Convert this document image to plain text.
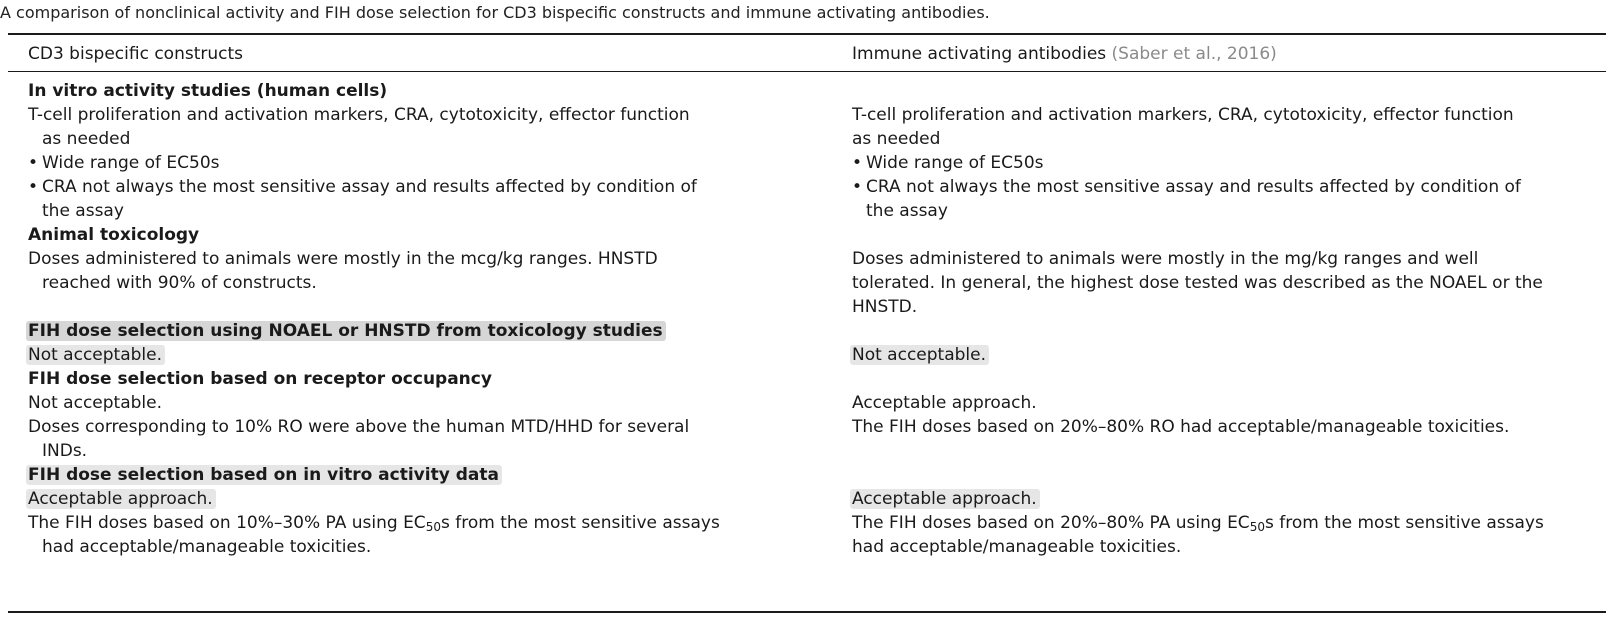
A comparison of nonclinical activity and FIH dose selection for CD3 bispecific constructs and immune activating antibodies.
CD3 bispecific constructs	Immune activating antibodies (Saber et al., 2016)
In vitro activity studies (human cells)
T-cell proliferation and activation markers, CRA, cytotoxicity, effector function
as needed
• Wide range of EC50s
• CRA not always the most sensitive assay and results affected by condition of
the assay
Animal toxicology
Doses administered to animals were mostly in the mcg/kg ranges. HNSTD
reached with 90% of constructs.
FIH dose selection using NOAEL or HNSTD from toxicology studies
Not acceptable.
FIH dose selection based on receptor occupancy
Not acceptable.
Doses corresponding to 10% RO were above the human MTD/HHD for several
INDs.
FIH dose selection based on in vitro activity data
Acceptable approach.
The FIH doses based on 10%–30% PA using $EC_{50}s$ from the most sensitive assays
had acceptable/manageable toxicities.
T-cell proliferation and activation markers, CRA, cytotoxicity, effector function
as needed
• Wide range of EC50s
• CRA not always the most sensitive assay and results affected by condition of
the assay
Doses administered to animals were mostly in the mg/kg ranges and well
tolerated. In general, the highest dose tested was described as the NOAEL or the
HNSTD.
Not acceptable.
Acceptable approach.
The FIH doses based on 20%–80% RO had acceptable/manageable toxicities.
Acceptable approach.
The FIH doses based on 20%–80% PA using $EC_{50}s$ from the most sensitive assays
had acceptable/manageable toxicities.
